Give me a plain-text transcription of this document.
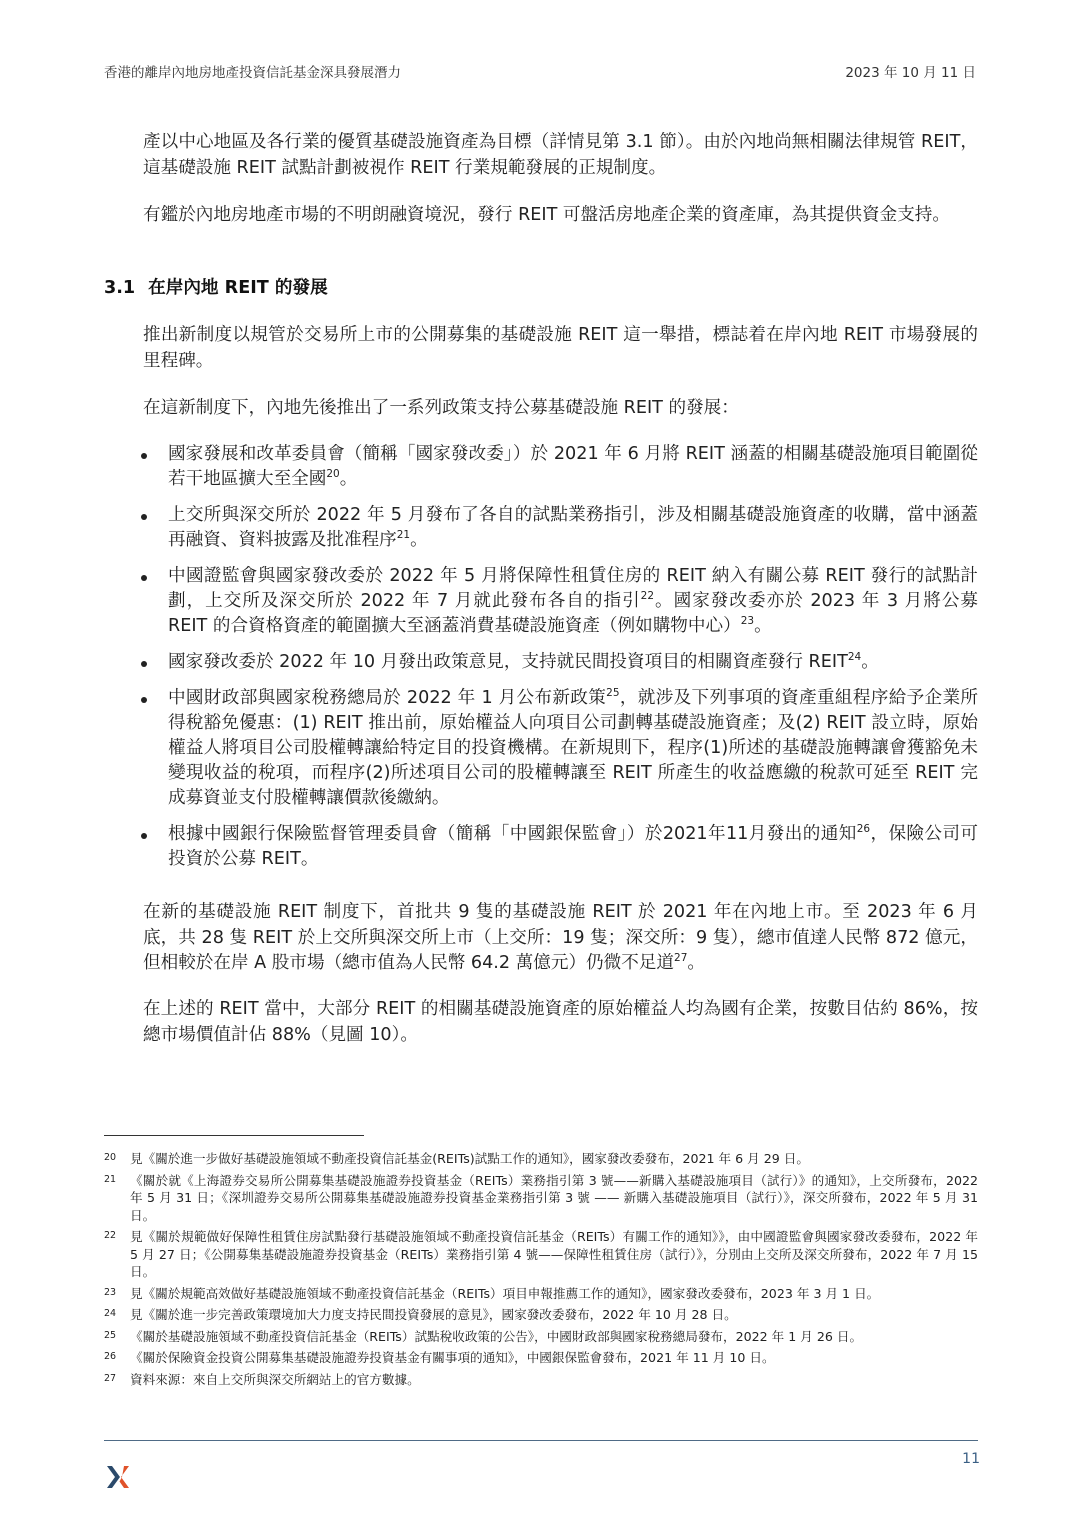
香港的離岸內地房地產投資信託基金深具發展潛力	2023 年 10 月 11 日

產以中心地區及各行業的優質基礎設施資產為目標（詳情見第 3.1 節）。由於內地尚無相關法律規管 REIT，這基礎設施 REIT 試點計劃被視作 REIT 行業規範發展的正規制度。

有鑑於內地房地產市場的不明朗融資境況，發行 REIT 可盤活房地產企業的資產庫，為其提供資金支持。

3.1 在岸內地 REIT 的發展

推出新制度以規管於交易所上市的公開募集的基礎設施 REIT 這一舉措，標誌着在岸內地 REIT 市場發展的里程碑。

在這新制度下，內地先後推出了一系列政策支持公募基礎設施 REIT 的發展：

國家發展和改革委員會（簡稱「國家發改委」）於 2021 年 6 月將 REIT 涵蓋的相關基礎設施項目範圍從若干地區擴大至全國$^{20}$。
上交所與深交所於 2022 年 5 月發布了各自的試點業務指引，涉及相關基礎設施資產的收購，當中涵蓋再融資、資料披露及批准程序$^{21}$。
中國證監會與國家發改委於 2022 年 5 月將保障性租賃住房的 REIT 納入有關公募 REIT 發行的試點計劃，上交所及深交所於 2022 年 7 月就此發布各自的指引$^{22}$。國家發改委亦於 2023 年 3 月將公募 REIT 的合資格資產的範圍擴大至涵蓋消費基礎設施資產（例如購物中心）$^{23}$。
國家發改委於 2022 年 10 月發出政策意見，支持就民間投資項目的相關資產發行 REIT$^{24}$。
中國財政部與國家稅務總局於 2022 年 1 月公布新政策$^{25}$，就涉及下列事項的資產重組程序給予企業所得稅豁免優惠：(1) REIT 推出前，原始權益人向項目公司劃轉基礎設施資產；及(2) REIT 設立時，原始權益人將項目公司股權轉讓給特定目的投資機構。在新規則下，程序(1)所述的基礎設施轉讓會獲豁免未變現收益的稅項，而程序(2)所述項目公司的股權轉讓至 REIT 所產生的收益應繳的稅款可延至 REIT 完成募資並支付股權轉讓價款後繳納。
根據中國銀行保險監督管理委員會（簡稱「中國銀保監會」）於2021年11月發出的通知$^{26}$，保險公司可投資於公募 REIT。

在新的基礎設施 REIT 制度下，首批共 9 隻的基礎設施 REIT 於 2021 年在內地上市。至 2023 年 6 月底，共 28 隻 REIT 於上交所與深交所上市（上交所：19 隻；深交所：9 隻），總市值達人民幣 872 億元，但相較於在岸 A 股市場（總市值為人民幣 64.2 萬億元）仍微不足道$^{27}$。

在上述的 REIT 當中，大部分 REIT 的相關基礎設施資產的原始權益人均為國有企業，按數目估約 86%，按總市場價值計佔 88%（見圖 10）。

20	見《關於進一步做好基礎設施領域不動產投資信託基金(REITs)試點工作的通知》，國家發改委發布，2021 年 6 月 29 日。
21	《關於就《上海證券交易所公開募集基礎設施證券投資基金（REITs）業務指引第 3 號——新購入基礎設施項目（試行）》的通知》，上交所發布，2022 年 5 月 31 日；《深圳證券交易所公開募集基礎設施證券投資基金業務指引第 3 號 —— 新購入基礎設施項目（試行）》，深交所發布，2022 年 5 月 31 日。
22	見《關於規範做好保障性租賃住房試點發行基礎設施領域不動產投資信託基金（REITs）有關工作的通知》》，由中國證監會與國家發改委發布，2022 年 5 月 27 日；《公開募集基礎設施證券投資基金（REITs）業務指引第 4 號——保障性租賃住房（試行）》，分別由上交所及深交所發布，2022 年 7 月 15 日。
23	見《關於規範高效做好基礎設施領域不動產投資信託基金（REITs）項目申報推薦工作的通知》，國家發改委發布，2023 年 3 月 1 日。
24	見《關於進一步完善政策環境加大力度支持民間投資發展的意見》，國家發改委發布，2022 年 10 月 28 日。
25	《關於基礎設施領域不動產投資信託基金（REITs）試點稅收政策的公告》，中國財政部與國家稅務總局發布，2022 年 1 月 26 日。
26	《關於保險資金投資公開募集基礎設施證券投資基金有關事項的通知》，中國銀保監會發布，2021 年 11 月 10 日。
27	資料來源：來自上交所與深交所網站上的官方數據。
11
